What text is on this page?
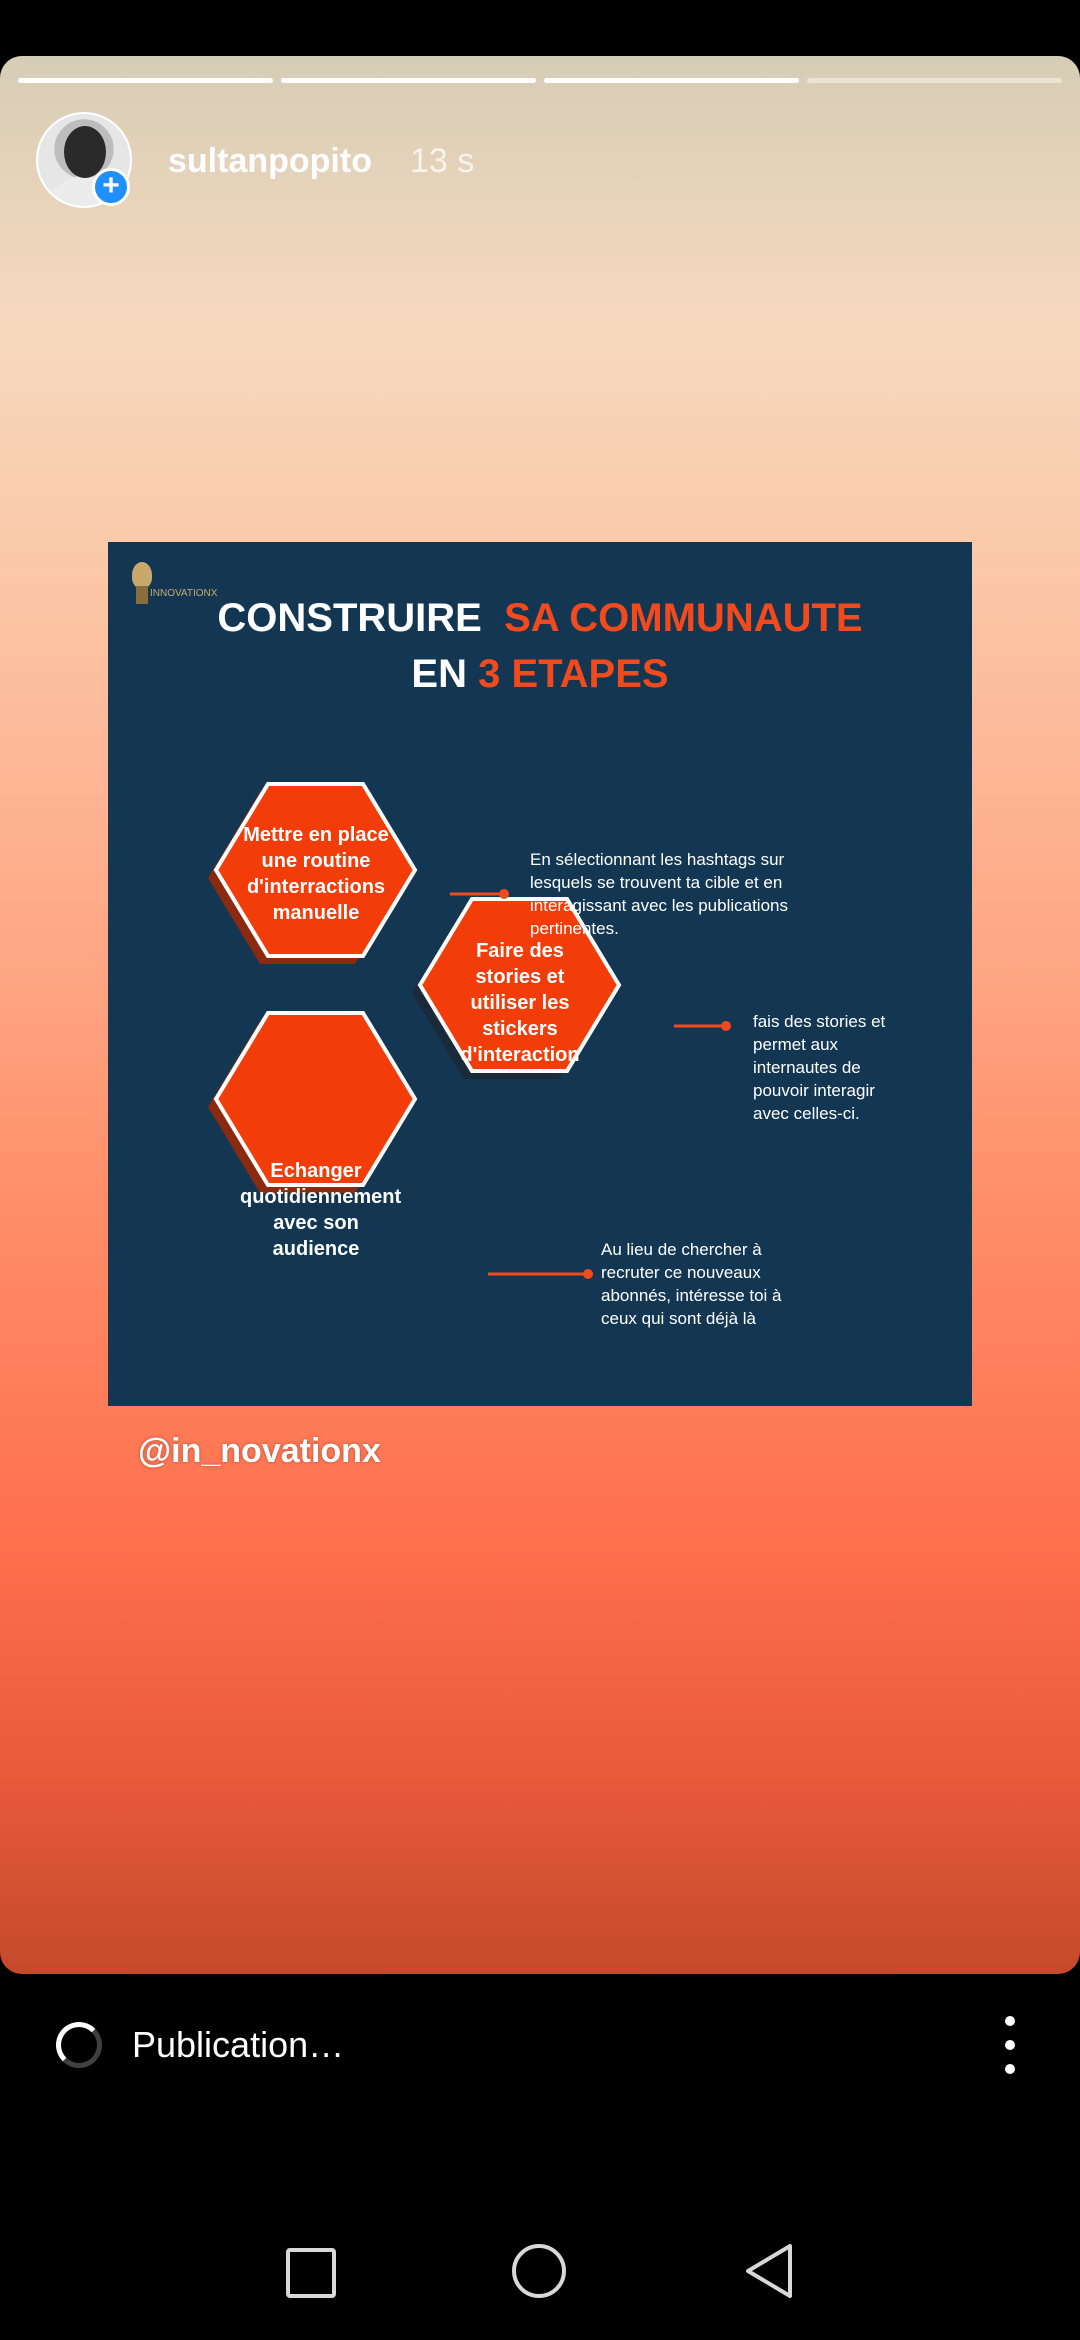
+
sultanpopito 13 s
INNOVATIONX
CONSTRUIRE SA COMMUNAUTE
EN 3 ETAPES
Mettre en place une routine d'interractions manuelle
Faire des stories et utiliser les stickers d'interaction
Echanger quotidiennement avec son audience
En sélectionnant les hashtags sur lesquels se trouvent ta cible et en interagissant avec les publications pertinentes.
fais des stories et permet aux internautes de pouvoir interagir avec celles-ci.
Au lieu de chercher à recruter ce nouveaux abonnés, intéresse toi à ceux qui sont déjà là
@in_novationx
Publication…
